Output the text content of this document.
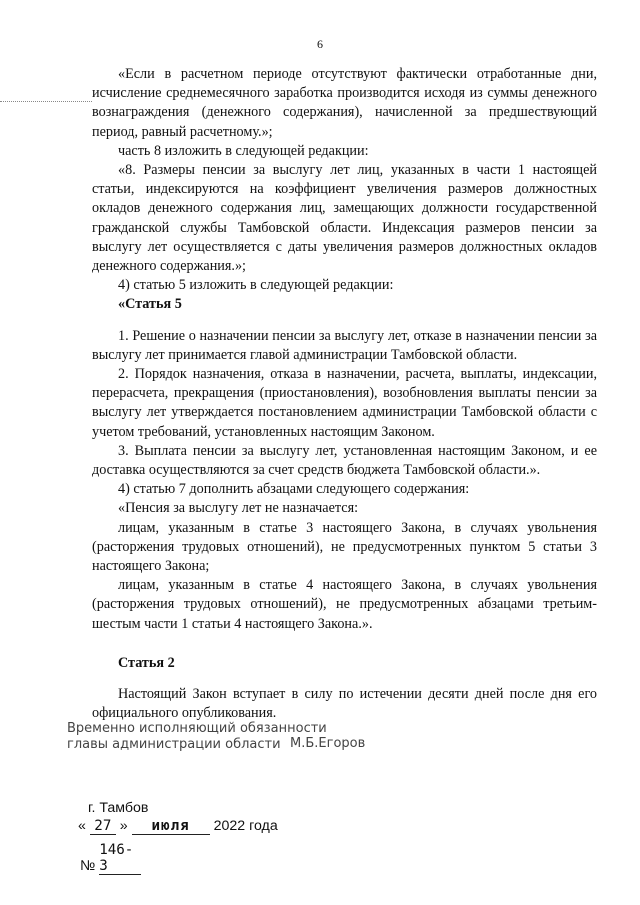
6

«Если в расчетном периоде отсутствуют фактически отработанные дни, исчисление среднемесячного заработка производится исходя из суммы денежного вознаграждения (денежного содержания), начисленной за предшествующий период, равный расчетному.»;

часть 8 изложить в следующей редакции:

«8. Размеры пенсии за выслугу лет лиц, указанных в части 1 настоящей статьи, индексируются на коэффициент увеличения размеров должностных окладов денежного содержания лиц, замещающих должности государственной гражданской службы Тамбовской области. Индексация размеров пенсии за выслугу лет осуществляется с даты увеличения размеров должностных окладов денежного содержания.»;

4) статью 5 изложить в следующей редакции:

«Статья 5

1. Решение о назначении пенсии за выслугу лет, отказе в назначении пенсии за выслугу лет принимается главой администрации Тамбовской области.

2. Порядок назначения, отказа в назначении, расчета, выплаты, индексации, перерасчета, прекращения (приостановления), возобновления выплаты пенсии за выслугу лет утверждается постановлением администрации Тамбовской области с учетом требований, установленных настоящим Законом.

3. Выплата пенсии за выслугу лет, установленная настоящим Законом, и ее доставка осуществляются за счет средств бюджета Тамбовской области.».

4) статью 7 дополнить абзацами следующего содержания:

«Пенсия за выслугу лет не назначается:

лицам, указанным в статье 3 настоящего Закона, в случаях увольнения (расторжения трудовых отношений), не предусмотренных пунктом 5 статьи 3 настоящего Закона;

лицам, указанным в статье 4 настоящего Закона, в случаях увольнения (расторжения трудовых отношений), не предусмотренных абзацами третьим-шестым части 1 статьи 4 настоящего Закона.».

Статья 2

Настоящий Закон вступает в силу по истечении десяти дней после дня его официального опубликования.

Временно исполняющий обязанности
главы администрации области М.Б.Егоров
г. Тамбов
« 27 » июля 2022 года
№ 146-3
